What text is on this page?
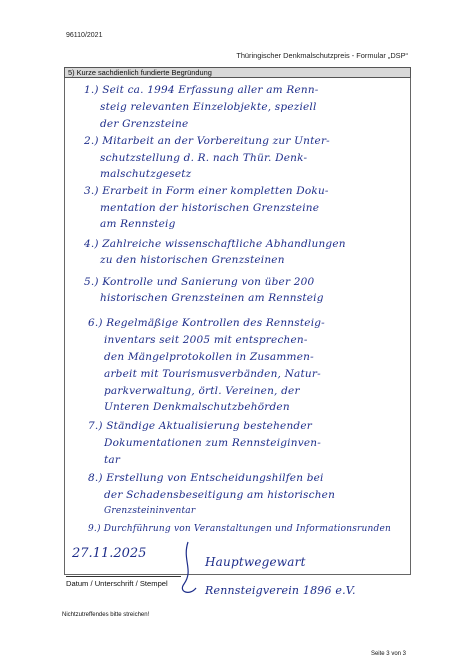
96110/2021
Thüringischer Denkmalschutzpreis - Formular „DSP“
5) Kurze sachdienlich fundierte Begründung
1.) Seit ca. 1994 Erfassung aller am Renn-
steig relevanten Einzelobjekte, speziell
der Grenzsteine
2.) Mitarbeit an der Vorbereitung zur Unter-
schutzstellung d. R. nach Thür. Denk-
malschutzgesetz
3.) Erarbeit in Form einer kompletten Doku-
mentation der historischen Grenzsteine
am Rennsteig
4.) Zahlreiche wissenschaftliche Abhandlungen
zu den historischen Grenzsteinen
5.) Kontrolle und Sanierung von über 200
historischen Grenzsteinen am Rennsteig
6.) Regelmäßige Kontrollen des Rennsteig-
inventars seit 2005 mit entsprechen-
den Mängelprotokollen in Zusammen-
arbeit mit Tourismusverbänden, Natur-
parkverwaltung, örtl. Vereinen, der
Unteren Denkmalschutzbehörden
7.) Ständige Aktualisierung bestehender
Dokumentationen zum Rennsteiginven-
tar
8.) Erstellung von Entscheidungshilfen bei
der Schadensbeseitigung am historischen
Grenzsteininventar
9.) Durchführung von Veranstaltungen und Informationsrunden
27.11.2025
Hauptwegewart
Rennsteigverein 1896 e.V.
Datum / Unterschrift / Stempel
Nichtzutreffendes bitte streichen!
Seite 3 von 3
